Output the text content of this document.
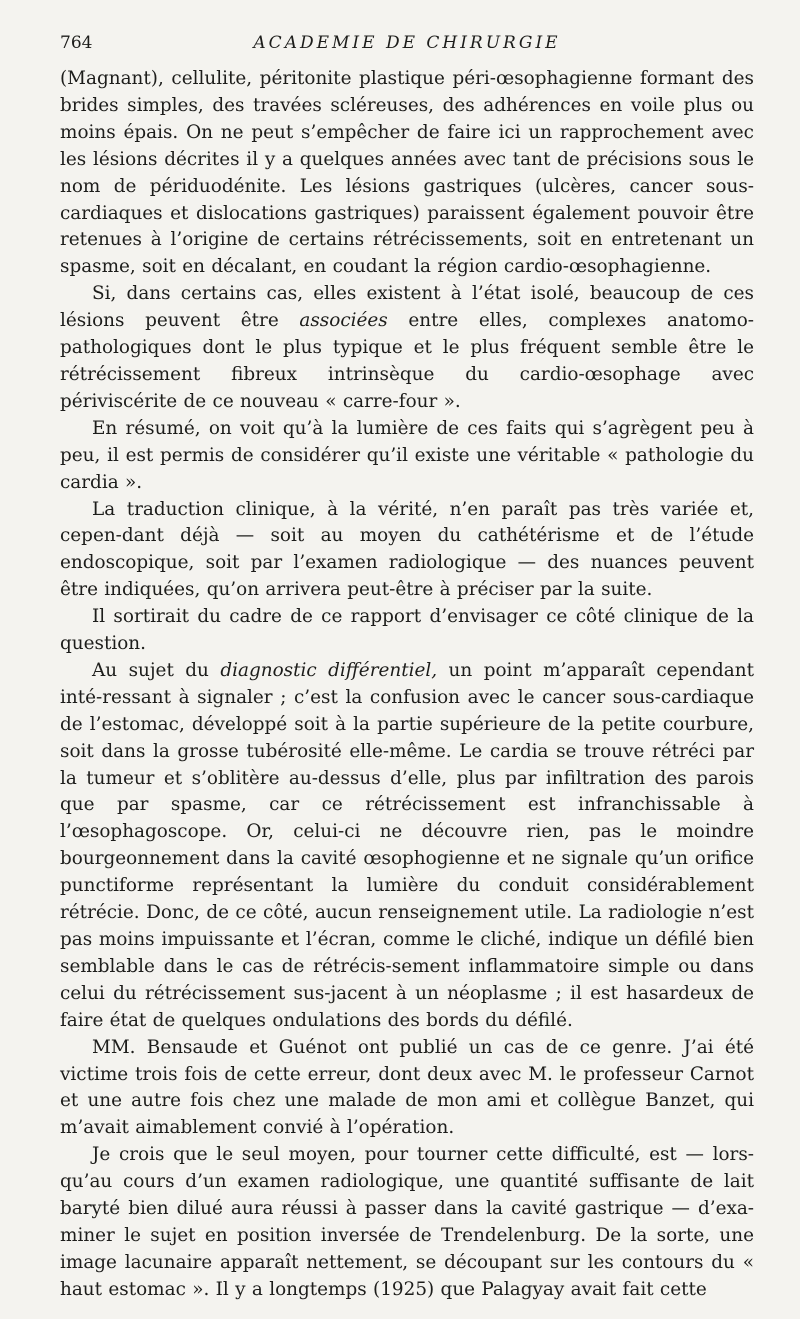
764	ACADEMIE DE CHIRURGIE

(Magnant), cellulite, péritonite plastique péri-œsophagienne formant des brides simples, des travées scléreuses, des adhérences en voile plus ou moins épais. On ne peut s’empêcher de faire ici un rapprochement avec les lésions décrites il y a quelques années avec tant de précisions sous le nom de périduodénite. Les lésions gastriques (ulcères, cancer sous-cardiaques et dislocations gastriques) paraissent également pouvoir être retenues à l’origine de certains rétrécissements, soit en entretenant un spasme, soit en décalant, en coudant la région cardio-œsophagienne.

Si, dans certains cas, elles existent à l’état isolé, beaucoup de ces lésions peuvent être associées entre elles, complexes anatomo-pathologiques dont le plus typique et le plus fréquent semble être le rétrécissement fibreux intrinsèque du cardio-œsophage avec périviscérite de ce nouveau « carre-four ».

En résumé, on voit qu’à la lumière de ces faits qui s’agrègent peu à peu, il est permis de considérer qu’il existe une véritable « pathologie du cardia ».

La traduction clinique, à la vérité, n’en paraît pas très variée et, cepen-dant déjà — soit au moyen du cathétérisme et de l’étude endoscopique, soit par l’examen radiologique — des nuances peuvent être indiquées, qu’on arrivera peut-être à préciser par la suite.

Il sortirait du cadre de ce rapport d’envisager ce côté clinique de la question.

Au sujet du diagnostic différentiel, un point m’apparaît cependant inté-ressant à signaler ; c’est la confusion avec le cancer sous-cardiaque de l’estomac, développé soit à la partie supérieure de la petite courbure, soit dans la grosse tubérosité elle-même. Le cardia se trouve rétréci par la tumeur et s’oblitère au-dessus d’elle, plus par infiltration des parois que par spasme, car ce rétrécissement est infranchissable à l’œsophagoscope. Or, celui-ci ne découvre rien, pas le moindre bourgeonnement dans la cavité œsophogienne et ne signale qu’un orifice punctiforme représentant la lumière du conduit considérablement rétrécie. Donc, de ce côté, aucun renseignement utile. La radiologie n’est pas moins impuissante et l’écran, comme le cliché, indique un défilé bien semblable dans le cas de rétrécis-sement inflammatoire simple ou dans celui du rétrécissement sus-jacent à un néoplasme ; il est hasardeux de faire état de quelques ondulations des bords du défilé.

MM. Bensaude et Guénot ont publié un cas de ce genre. J’ai été victime trois fois de cette erreur, dont deux avec M. le professeur Carnot et une autre fois chez une malade de mon ami et collègue Banzet, qui m’avait aimablement convié à l’opération.

Je crois que le seul moyen, pour tourner cette difficulté, est — lors-qu’au cours d’un examen radiologique, une quantité suffisante de lait baryté bien dilué aura réussi à passer dans la cavité gastrique — d’exa-miner le sujet en position inversée de Trendelenburg. De la sorte, une image lacunaire apparaît nettement, se découpant sur les contours du « haut estomac ». Il y a longtemps (1925) que Palagyay avait fait cette
